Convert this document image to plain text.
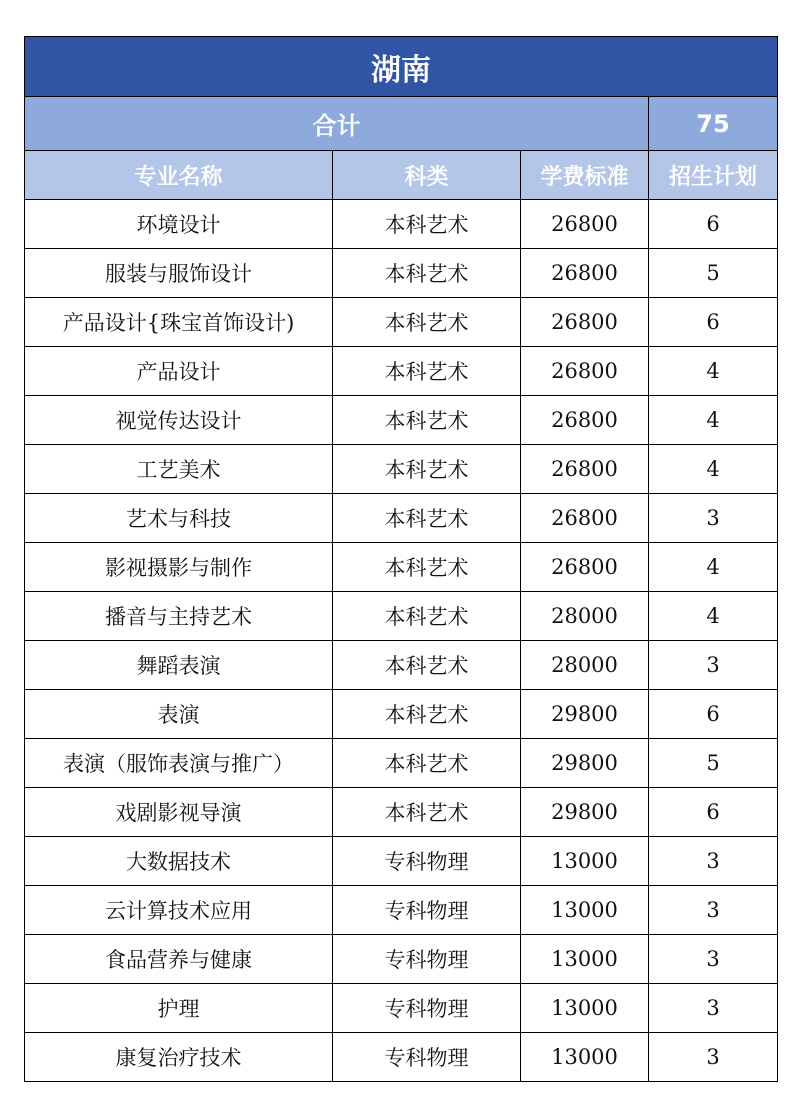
湖南			
合计			75
专业名称	科类	学费标准	招生计划
环境设计	本科艺术	26800	6
服装与服饰设计	本科艺术	26800	5
产品设计{珠宝首饰设计)	本科艺术	26800	6
产品设计	本科艺术	26800	4
视觉传达设计	本科艺术	26800	4
工艺美术	本科艺术	26800	4
艺术与科技	本科艺术	26800	3
影视摄影与制作	本科艺术	26800	4
播音与主持艺术	本科艺术	28000	4
舞蹈表演	本科艺术	28000	3
表演	本科艺术	29800	6
表演（服饰表演与推广）	本科艺术	29800	5
戏剧影视导演	本科艺术	29800	6
大数据技术	专科物理	13000	3
云计算技术应用	专科物理	13000	3
食品营养与健康	专科物理	13000	3
护理	专科物理	13000	3
康复治疗技术	专科物理	13000	3
